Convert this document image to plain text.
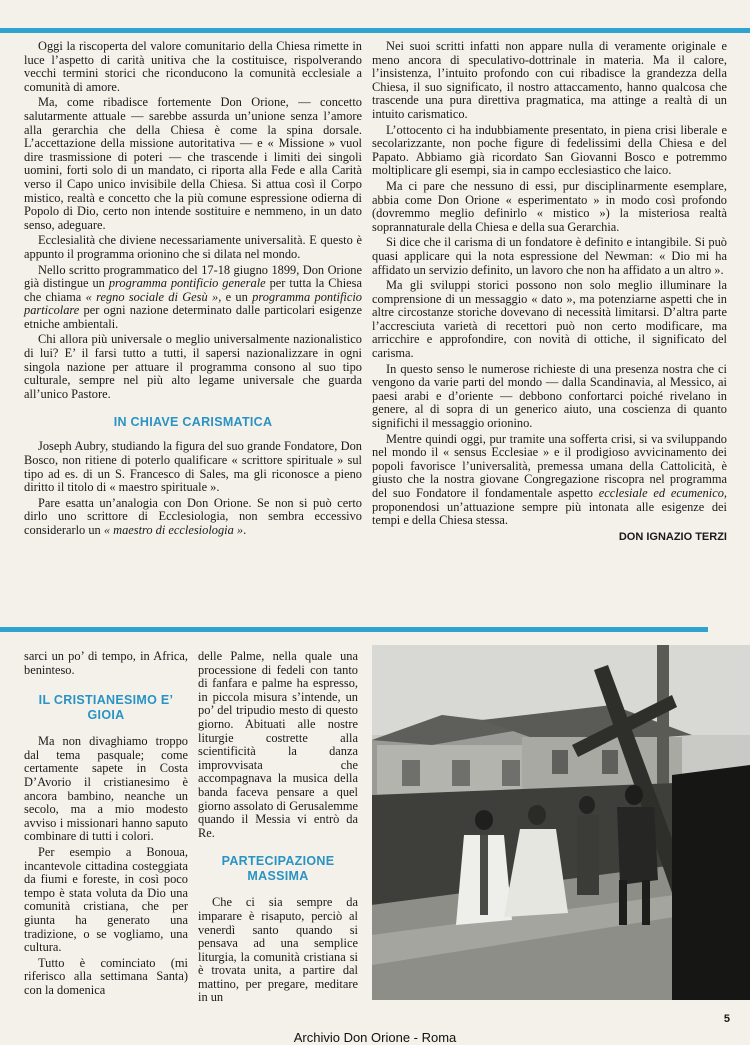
Oggi la riscoperta del valore comunitario della Chiesa rimette in luce l’aspetto di carità unitiva che la costituisce, rispolverando vecchi termini storici che riconducono la comunità ecclesiale a comunità di amore.

Ma, come ribadisce fortemente Don Orione, — concetto salutarmente attuale — sarebbe assurda un’unione senza l’amore alla gerarchia che della Chiesa è come la spina dorsale. L’accettazione della missione autoritativa — e « Missione » vuol dire trasmissione di poteri — che trascende i limiti dei singoli uomini, forti solo di un mandato, ci riporta alla Fede e alla Carità verso il Capo unico invisibile della Chiesa. Si attua così il Corpo mistico, realtà e concetto che la più comune espressione odierna di Popolo di Dio, certo non intende sostituire e nemmeno, in un dato senso, adeguare.

Ecclesialità che diviene necessariamente universalità. E questo è appunto il programma orionino che si dilata nel mondo.

Nello scritto programmatico del 17-18 giugno 1899, Don Orione già distingue un programma pontificio generale per tutta la Chiesa che chiama « regno sociale di Gesù », e un programma pontificio particolare per ogni nazione determinato dalle particolari esigenze etniche ambientali.

Chi allora più universale o meglio universalmente nazionalistico di lui? E’ il farsi tutto a tutti, il sapersi nazionalizzare in ogni singola nazione per attuare il programma consono al suo tipo culturale, sempre nel più alto legame universale che guarda all’unico Pastore.

IN CHIAVE CARISMATICA

Joseph Aubry, studiando la figura del suo grande Fondatore, Don Bosco, non ritiene di poterlo qualificare « scrittore spirituale » sul tipo ad es. di un S. Francesco di Sales, ma gli riconosce a pieno diritto il titolo di « maestro spirituale ».

Pare esatta un’analogia con Don Orione. Se non si può certo dirlo uno scrittore di Ecclesiologia, non sembra eccessivo considerarlo un « maestro di ecclesiologia ».

Nei suoi scritti infatti non appare nulla di veramente originale e meno ancora di speculativo-dottrinale in materia. Ma il calore, l’insistenza, l’intuito profondo con cui ribadisce la grandezza della Chiesa, il suo significato, il nostro attaccamento, hanno qualcosa che trascende una pura direttiva pragmatica, ma attinge a realtà di un intuito carismatico.

L’ottocento ci ha indubbiamente presentato, in piena crisi liberale e secolarizzante, non poche figure di fedelissimi della Chiesa e del Papato. Abbiamo già ricordato San Giovanni Bosco e potremmo moltiplicare gli esempi, sia in campo ecclesiastico che laico.

Ma ci pare che nessuno di essi, pur disciplinarmente esemplare, abbia come Don Orione « esperimentato » in modo così profondo (dovremmo meglio definirlo « mistico ») la misteriosa realtà soprannaturale della Chiesa e della sua Gerarchia.

Si dice che il carisma di un fondatore è definito e intangibile. Si può quasi applicare qui la nota espressione del Newman: « Dio mi ha affidato un servizio definito, un lavoro che non ha affidato a un altro ».

Ma gli sviluppi storici possono non solo meglio illuminare la comprensione di un messaggio « dato », ma potenziarne aspetti che in altre circostanze storiche dovevano di necessità limitarsi. D’altra parte l’accresciuta varietà di recettori può non certo modificare, ma arricchire e approfondire, con novità di ottiche, il significato del carisma.

In questo senso le numerose richieste di una presenza nostra che ci vengono da varie parti del mondo — dalla Scandinavia, al Messico, ai paesi arabi e d’oriente — debbono confortarci poiché rivelano in genere, al di sopra di un generico aiuto, una coscienza di quanto significhi il messaggio orionino.

Mentre quindi oggi, pur tramite una sofferta crisi, si va sviluppando nel mondo il « sensus Ecclesiae » e il prodigioso avvicinamento dei popoli favorisce l’universalità, premessa umana della Cattolicità, è giusto che la nostra giovane Congregazione riscopra nel programma del suo Fondatore il fondamentale aspetto ecclesiale ed ecumenico, proponendosi un’attuazione sempre più intonata alle esigenze dei tempi e della Chiesa stessa.

DON IGNAZIO TERZI

sarci un po’ di tempo, in Africa, beninteso.

IL CRISTIANESIMO E’ GIOIA

Ma non divaghiamo troppo dal tema pasquale; come certamente sapete in Costa D’Avorio il cristianesimo è ancora bambino, neanche un secolo, ma a mio modesto avviso i missionari hanno saputo combinare di tutti i colori.

Per esempio a Bonoua, incantevole cittadina costeggiata da fiumi e foreste, in così poco tempo è stata voluta da Dio una comunità cristiana, che per giunta ha generato una tradizione, o se vogliamo, una cultura.

Tutto è cominciato (mi riferisco alla settimana Santa) con la domenica

delle Palme, nella quale una processione di fedeli con tanto di fanfara e palme ha espresso, in piccola misura s’intende, un po’ del tripudio mesto di questo giorno. Abituati alle nostre liturgie costrette alla scientificità la danza improvvisata che accompagnava la musica della banda faceva pensare a quel giorno assolato di Gerusalemme quando il Messia vi entrò da Re.

PARTECIPAZIONE MASSIMA

Che ci sia sempre da imparare è risaputo, perciò al venerdì santo quando si pensava ad una semplice liturgia, la comunità cristiana si è trovata unita, a partire dal mattino, per pregare, meditare in un

5
Archivio Don Orione - Roma
